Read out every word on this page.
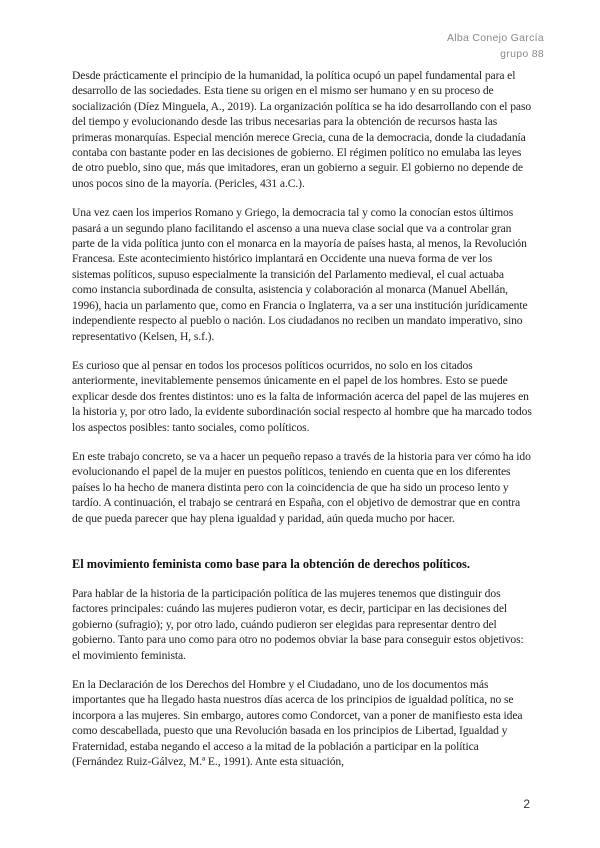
Alba Conejo García
grupo 88

Desde prácticamente el principio de la humanidad, la política ocupó un papel fundamental para el desarrollo de las sociedades. Esta tiene su origen en el mismo ser humano y en su proceso de socialización (Díez Minguela, A., 2019). La organización política se ha ido desarrollando con el paso del tiempo y evolucionando desde las tribus necesarias para la obtención de recursos hasta las primeras monarquías. Especial mención merece Grecia, cuna de la democracia, donde la ciudadanía contaba con bastante poder en las decisiones de gobierno. El régimen político no emulaba las leyes de otro pueblo, sino que, más que imitadores, eran un gobierno a seguir. El gobierno no depende de unos pocos sino de la mayoría. (Pericles, 431 a.C.).

Una vez caen los imperios Romano y Griego, la democracia tal y como la conocían estos últimos pasará a un segundo plano facilitando el ascenso a una nueva clase social que va a controlar gran parte de la vida política junto con el monarca en la mayoría de países hasta, al menos, la Revolución Francesa. Este acontecimiento histórico implantará en Occidente una nueva forma de ver los sistemas políticos, supuso especialmente la transición del Parlamento medieval, el cual actuaba como instancia subordinada de consulta, asistencia y colaboración al monarca (Manuel Abellán, 1996), hacia un parlamento que, como en Francia o Inglaterra, va a ser una institución jurídicamente independiente respecto al pueblo o nación. Los ciudadanos no reciben un mandato imperativo, sino representativo (Kelsen, H, s.f.).

Es curioso que al pensar en todos los procesos políticos ocurridos, no solo en los citados anteriormente, inevitablemente pensemos únicamente en el papel de los hombres. Esto se puede explicar desde dos frentes distintos: uno es la falta de información acerca del papel de las mujeres en la historia y, por otro lado, la evidente subordinación social respecto al hombre que ha marcado todos los aspectos posibles: tanto sociales, como políticos.

En este trabajo concreto, se va a hacer un pequeño repaso a través de la historia para ver cómo ha ido evolucionando el papel de la mujer en puestos políticos, teniendo en cuenta que en los diferentes países lo ha hecho de manera distinta pero con la coincidencia de que ha sido un proceso lento y tardío. A continuación, el trabajo se centrará en España, con el objetivo de demostrar que en contra de que pueda parecer que hay plena igualdad y paridad, aún queda mucho por hacer.

El movimiento feminista como base para la obtención de derechos políticos.

Para hablar de la historia de la participación política de las mujeres tenemos que distinguir dos factores principales: cuándo las mujeres pudieron votar, es decir, participar en las decisiones del gobierno (sufragio); y, por otro lado, cuándo pudieron ser elegidas para representar dentro del gobierno. Tanto para uno como para otro no podemos obviar la base para conseguir estos objetivos: el movimiento feminista.

En la Declaración de los Derechos del Hombre y el Ciudadano, uno de los documentos más importantes que ha llegado hasta nuestros días acerca de los principios de igualdad política, no se incorpora a las mujeres. Sin embargo, autores como Condorcet, van a poner de manifiesto esta idea como descabellada, puesto que una Revolución basada en los principios de Libertad, Igualdad y Fraternidad, estaba negando el acceso a la mitad de la población a participar en la política (Fernández Ruiz-Gálvez, M.ª E., 1991). Ante esta situación,

2
